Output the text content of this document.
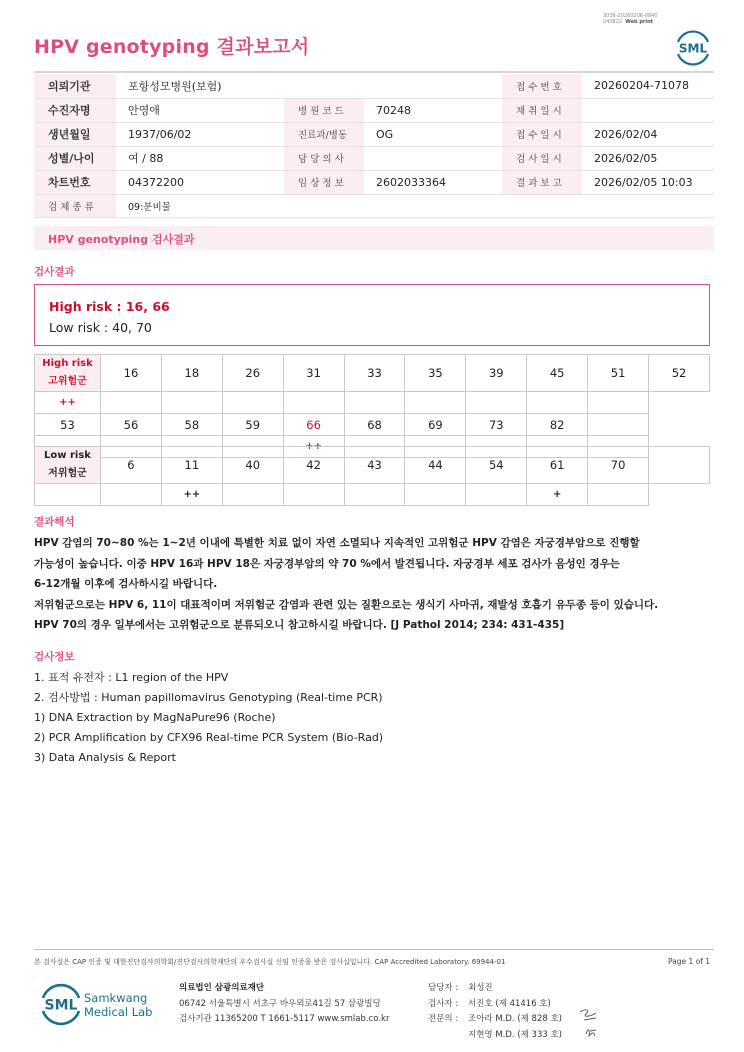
3036-20260206-0840
040822 Web print
HPV genotyping 결과보고서	SML
의뢰기관	포항성모병원(보험)			접 수 번 호	20260204-71078
수진자명	안영애	병 원 코 드	70248	채 취 일 시	
생년월일	1937/06/02	진료과/병동	OG	접 수 일 시	2026/02/04
성별/나이	여 / 88	담 당 의 사		검 사 일 시	2026/02/05
차트번호	04372200	임 상 정 보	2602033364	결 과 보 고	2026/02/05 10:03
검 체 종 류	09:분비물				
HPV genotyping 검사결과
검사결과
High risk : 16, 66
Low risk : 40, 70
High risk
고위험군	16	18	26	31	33	35	39	45	51	52
++										
53	56	58	59	66	68	69	73	82		
				++						
Low risk
저위험군	6	11	40	42	43	44	54	61	70	
		++						+		
결과해석
HPV 감염의 70~80 %는 1~2년 이내에 특별한 치료 없이 자연 소멸되나 지속적인 고위험군 HPV 감염은 자궁경부암으로 진행할
가능성이 높습니다. 이중 HPV 16과 HPV 18은 자궁경부암의 약 70 %에서 발견됩니다. 자궁경부 세포 검사가 음성인 경우는
6-12개월 이후에 검사하시길 바랍니다.
저위험군으로는 HPV 6, 11이 대표적이며 저위험군 감염과 관련 있는 질환으로는 생식기 사마귀, 재발성 호흡기 유두종 등이 있습니다.
HPV 70의 경우 일부에서는 고위험군으로 분류되오니 참고하시길 바랍니다. [J Pathol 2014; 234: 431-435]
검사정보
1. 표적 유전자 : L1 region of the HPV
2. 검사방법 : Human papillomavirus Genotyping (Real-time PCR)
1) DNA Extraction by MagNaPure96 (Roche)
2) PCR Amplification by CFX96 Real-time PCR System (Bio-Rad)
3) Data Analysis & Report
본 검사실은 CAP 인증 및 대한진단검사의학회/진단검사의학재단의 우수검사실 신임 인증을 받은 검사실입니다. CAP Accredited Laboratory. 69944-01	Page 1 of 1
SML Samkwang
Medical Lab
의료법인 삼광의료재단
06742 서울특별시 서초구 바우뫼로41길 57 삼광빌딩
검사기관 11365200 T 1661-5117 www.smlab.co.kr
담당자 : 최성진
검사자 : 서진호 (제 41416 호)
전문의 : 조아라 M.D. (제 828 호)
지현영 M.D. (제 333 호)
